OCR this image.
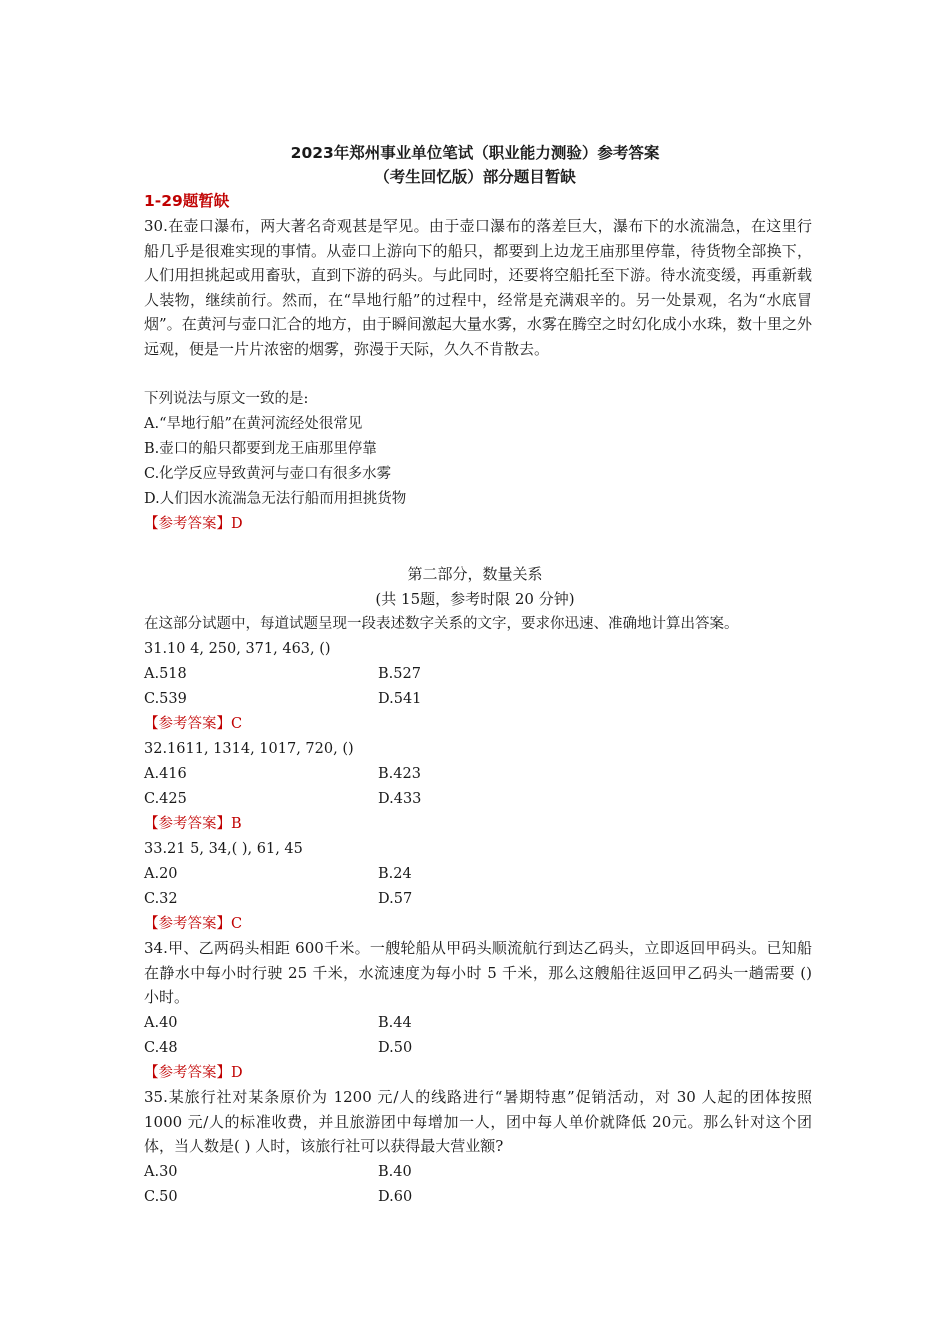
2023年郑州事业单位笔试（职业能力测验）参考答案
（考生回忆版）部分题目暂缺
1-29题暂缺

30.在壶口瀑布，两大著名奇观甚是罕见。由于壶口瀑布的落差巨大，瀑布下的水流湍急，在这里行船几乎是很难实现的事情。从壶口上游向下的船只，都要到上边龙王庙那里停靠，待货物全部换下，人们用担挑起或用畜驮，直到下游的码头。与此同时，还要将空船托至下游。待水流变缓，再重新载人装物，继续前行。然而，在“旱地行船”的过程中，经常是充满艰辛的。另一处景观，名为“水底冒烟”。在黄河与壶口汇合的地方，由于瞬间激起大量水雾，水雾在腾空之时幻化成小水珠，数十里之外远观，便是一片片浓密的烟雾，弥漫于天际，久久不肯散去。

下列说法与原文一致的是:
A.“旱地行船”在黄河流经处很常见
B.壶口的船只都要到龙王庙那里停靠
C.化学反应导致黄河与壶口有很多水雾
D.人们因水流湍急无法行船而用担挑货物
【参考答案】D
第二部分，数量关系
(共 15题，参考时限 20 分钟)
在这部分试题中，每道试题呈现一段表述数字关系的文字，要求你迅速、准确地计算出答案。
31.10 4, 250, 371, 463, ()
A.518	B.527
C.539	D.541
【参考答案】C
32.1611, 1314, 1017, 720, ()
A.416	B.423
C.425	D.433
【参考答案】B
33.21 5, 34,( ), 61, 45
A.20	B.24
C.32	D.57
【参考答案】C

34.甲、乙两码头相距 600千米。一艘轮船从甲码头顺流航行到达乙码头，立即返回甲码头。已知船在静水中每小时行驶 25 千米，水流速度为每小时 5 千米，那么这艘船往返回甲乙码头一趟需要 () 小时。

A.40	B.44
C.48	D.50
【参考答案】D

35.某旅行社对某条原价为 1200 元/人的线路进行“暑期特惠”促销活动，对 30 人起的团体按照 1000 元/人的标准收费，并且旅游团中每增加一人，团中每人单价就降低 20元。那么针对这个团体，当人数是( ) 人时，该旅行社可以获得最大营业额?

A.30	B.40
C.50	D.60
